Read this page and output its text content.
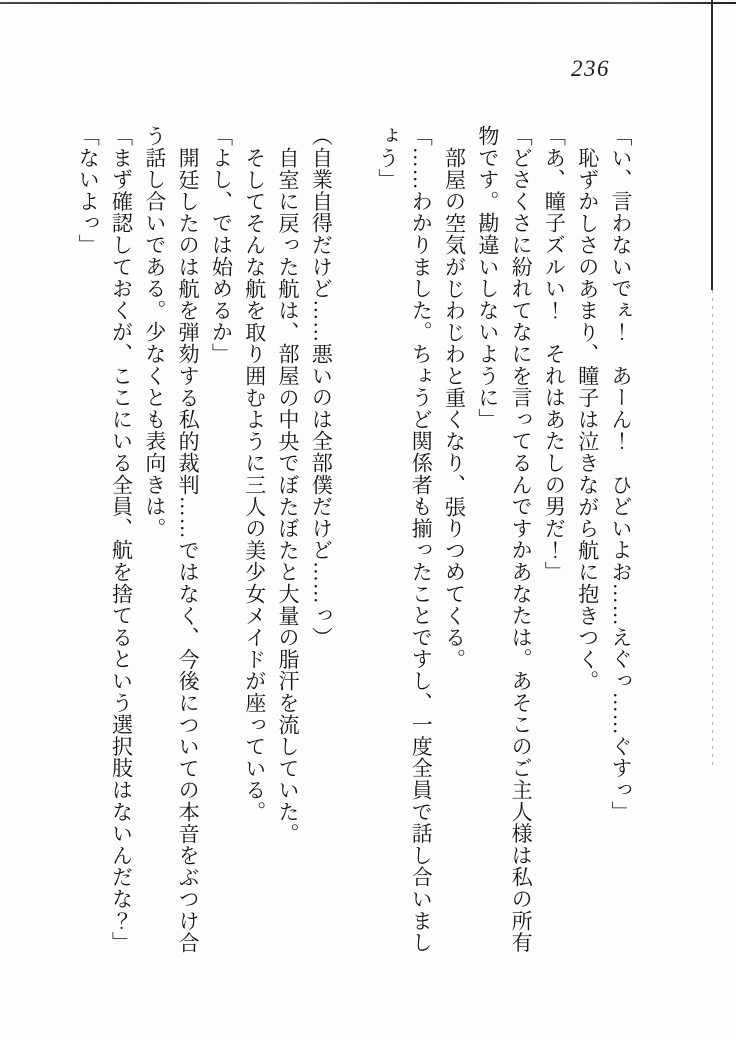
236

「い、言わないでぇ！　あーん！　ひどいよお……えぐっ……ぐすっ」

恥ずかしさのあまり、瞳子は泣きながら航に抱きつく。

「あ、瞳子ズルい！　それはあたしの男だ！」

「どさくさに紛れてなにを言ってるんですかあなたは。あそこのご主人様は私の所有

物です。勘違いしないように」

部屋の空気がじわじわと重くなり、張りつめてくる。

「……わかりました。ちょうど関係者も揃ったことですし、一度全員で話し合いまし

ょう」

（自業自得だけど……悪いのは全部僕だけど……っ）

自室に戻った航は、部屋の中央でぼたぼたと大量の脂汗を流していた。

そしてそんな航を取り囲むように三人の美少女メイドが座っている。

「よし、では始めるか」

開廷したのは航を弾劾する私的裁判……ではなく、今後についての本音をぶつけ合

う話し合いである。少なくとも表向きは。

「まず確認しておくが、ここにいる全員、航を捨てるという選択肢はないんだな？」

「ないよっ」
